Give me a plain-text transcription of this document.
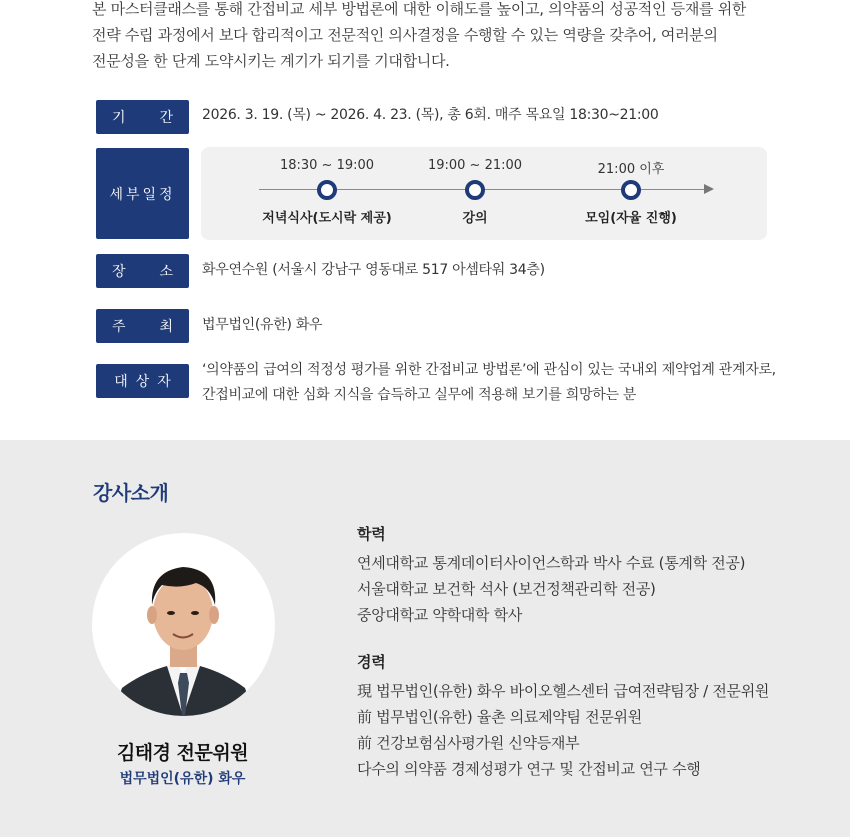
본 마스터클래스를 통해 간접비교 세부 방법론에 대한 이해도를 높이고, 의약품의 성공적인 등재를 위한

전략 수립 과정에서 보다 합리적이고 전문적인 의사결정을 수행할 수 있는 역량을 갖추어, 여러분의

전문성을 한 단계 도약시키는 계기가 되기를 기대합니다.

기 간 2026. 3. 19. (목) ~ 2026. 4. 23. (목), 총 6회. 매주 목요일 18:30~21:00
세부일정
18:30 ~ 19:00
저녁식사(도시락 제공)
19:00 ~ 21:00
강의
21:00 이후
모임(자율 진행)
장 소 화우연수원 (서울시 강남구 영동대로 517 아셈타워 34층)
주 최 법무법인(유한) 화우
대상자
‘의약품의 급여의 적정성 평가를 위한 간접비교 방법론’에 관심이 있는 국내외 제약업계 관계자로,
간접비교에 대한 심화 지식을 습득하고 실무에 적용해 보기를 희망하는 분
강사소개
김태경 전문위원
법무법인(유한) 화우
학력
연세대학교 통계데이터사이언스학과 박사 수료 (통계학 전공)
서울대학교 보건학 석사 (보건정책관리학 전공)
중앙대학교 약학대학 학사
경력
現 법무법인(유한) 화우 바이오헬스센터 급여전략팀장 / 전문위원
前 법무법인(유한) 율촌 의료제약팀 전문위원
前 건강보험심사평가원 신약등재부
다수의 의약품 경제성평가 연구 및 간접비교 연구 수행
